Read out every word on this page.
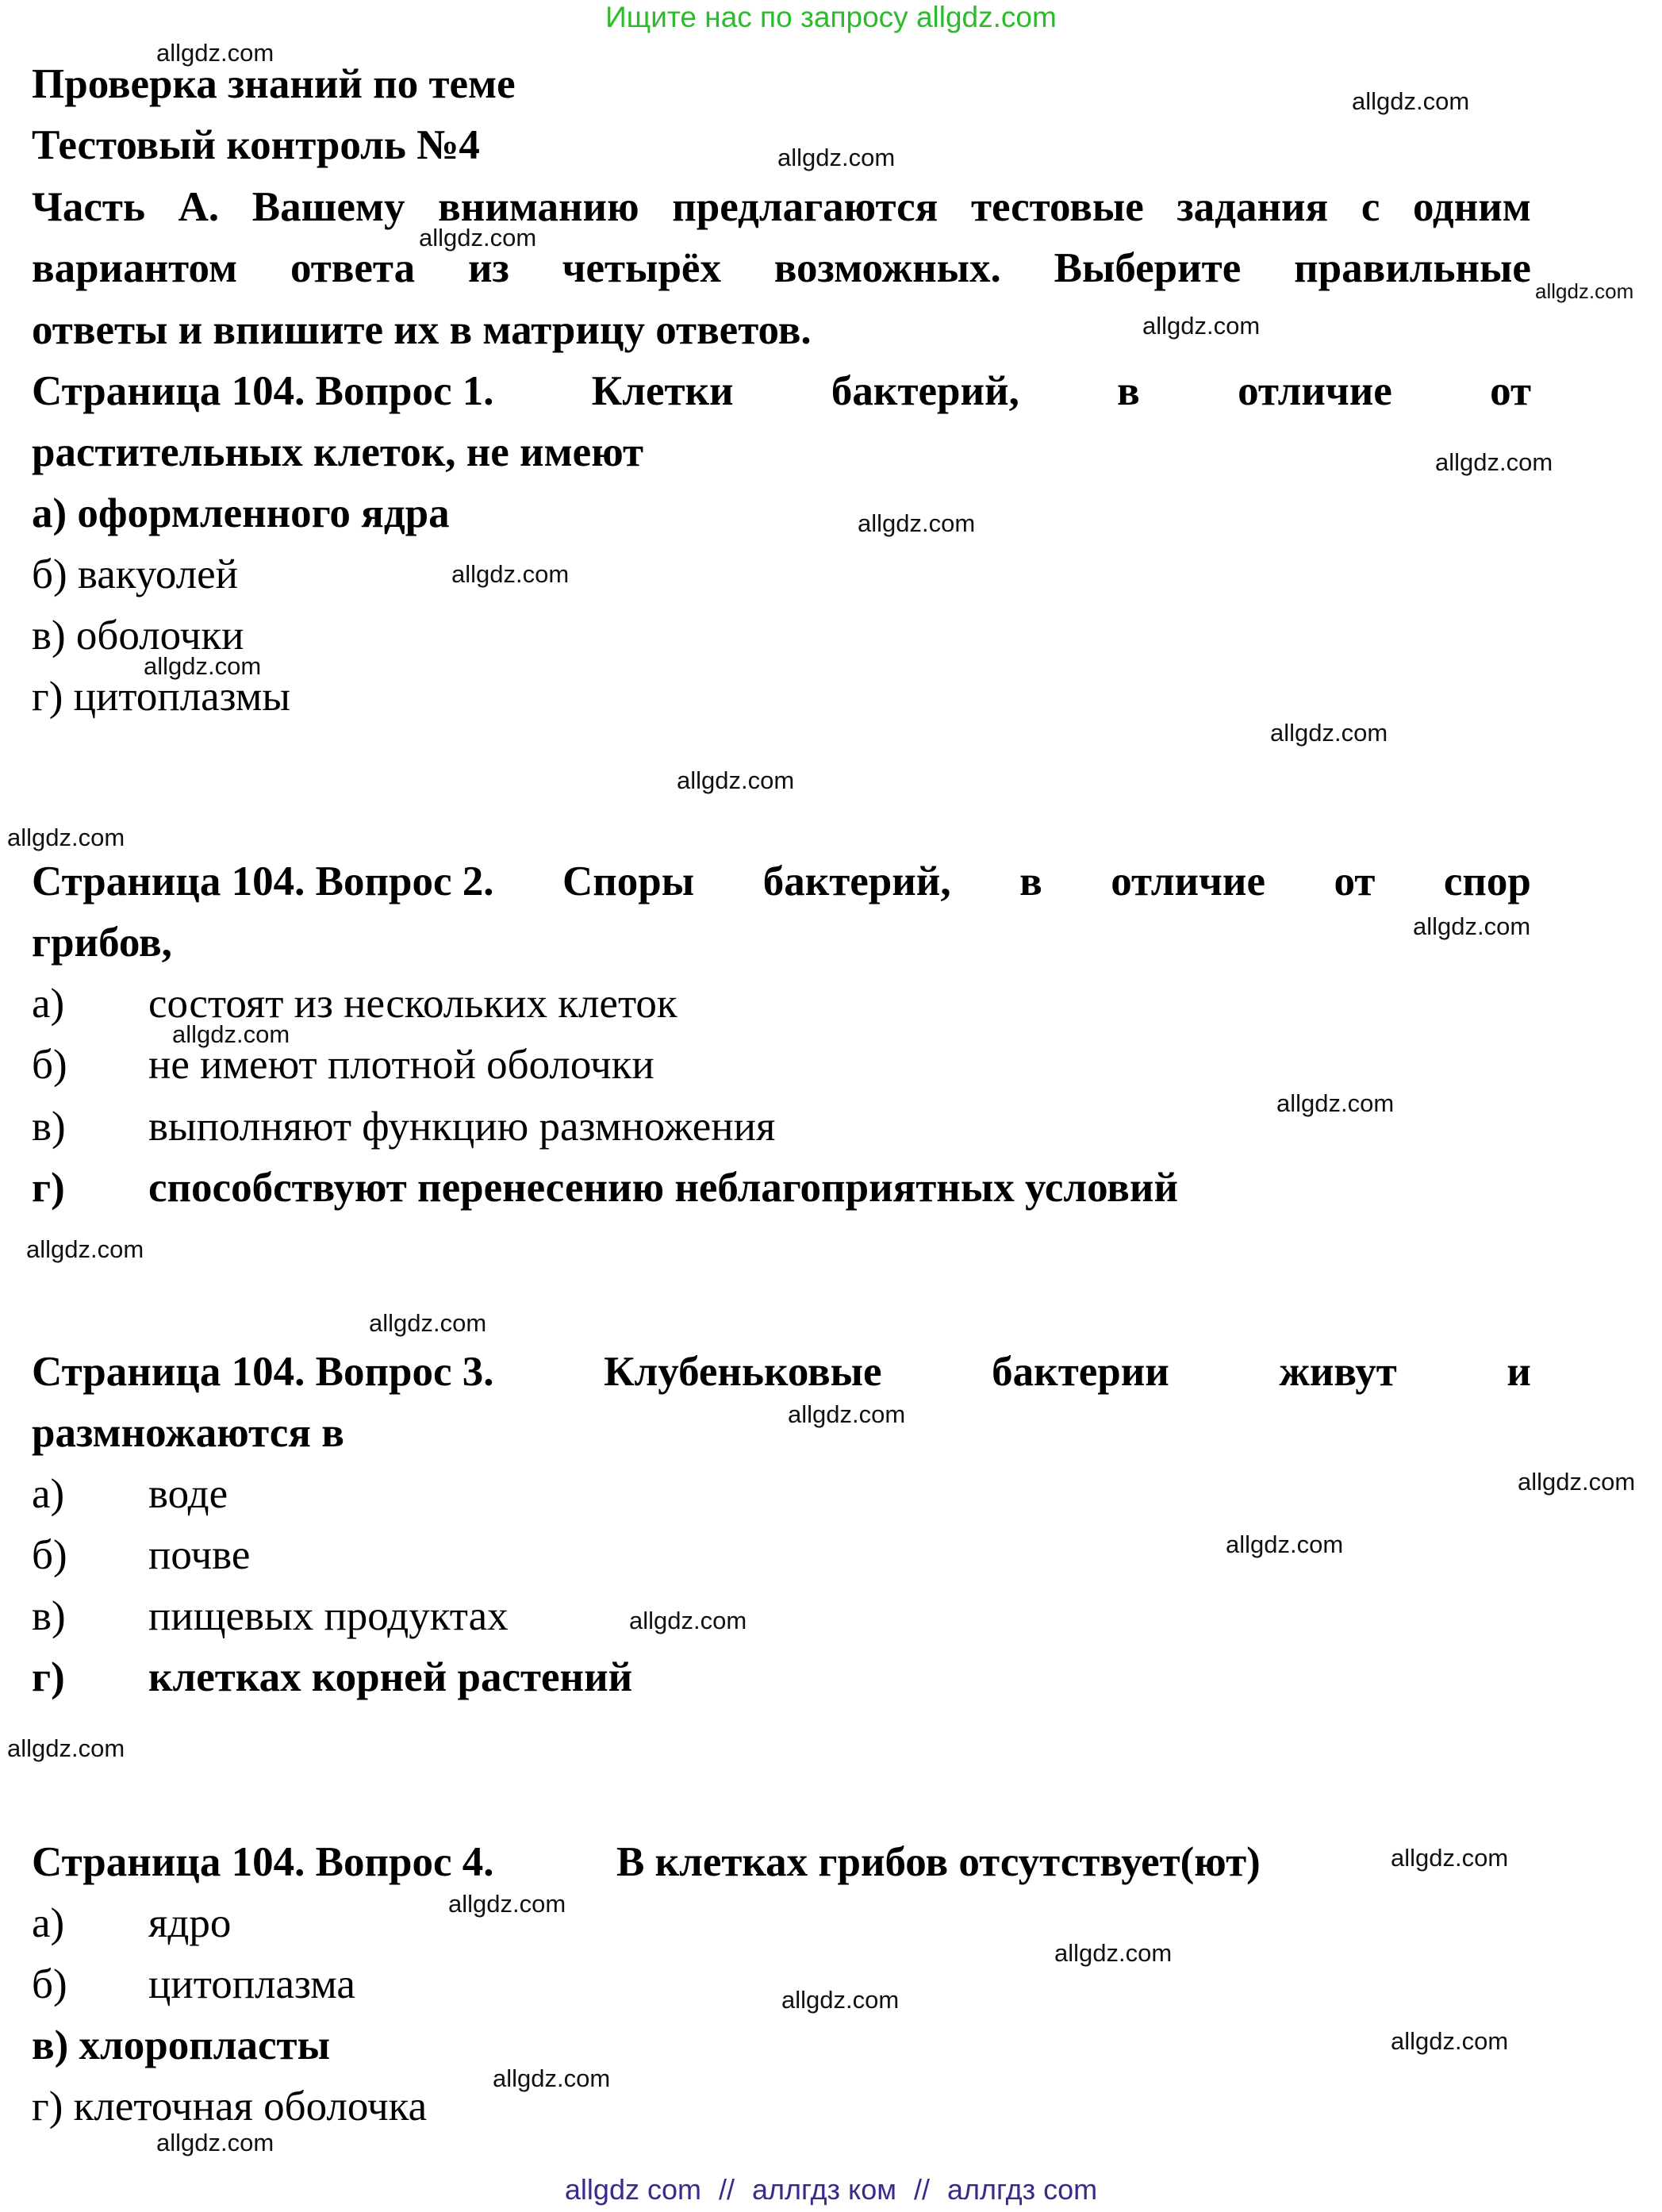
Ищите нас по запросу allgdz.com
Проверка знаний по теме
Тестовый контроль №4
Часть А. Вашему вниманию предлагаются тестовые задания с одним
вариантом ответа из четырёх возможных. Выберите правильные
ответы и впишите их в матрицу ответов.
Страница 104. Вопрос 1. Клетки бактерий, в отличие от
растительных клеток, не имеют
а) оформленного ядра
б) вакуолей
в) оболочки
г) цитоплазмы
Страница 104. Вопрос 2. Споры бактерий, в отличие от спор
грибов,
а) состоят из нескольких клеток
б) не имеют плотной оболочки
в) выполняют функцию размножения
г) способствуют перенесению неблагоприятных условий
Страница 104. Вопрос 3.	Клубеньковые	бактерии	живут	и
размножаются в
а) воде
б) почве
в) пищевых продуктах
г) клетках корней растений
Страница 104. Вопрос 4.	В клетках грибов отсутствует(ют)
а) ядро
б) цитоплазма
в) хлоропласты
г) клеточная оболочка
allgdz.com
allgdz.com
allgdz.com
allgdz.com
allgdz.com
allgdz.com
allgdz.com
allgdz.com
allgdz.com
allgdz.com
allgdz.com
allgdz.com
allgdz.com
allgdz.com
allgdz.com
allgdz.com
allgdz.com
allgdz.com
allgdz.com
allgdz.com
allgdz.com
allgdz.com
allgdz.com
allgdz.com
allgdz.com
allgdz.com
allgdz.com
allgdz.com
allgdz.com
allgdz.com
allgdz com // аллгдз ком // аллгдз com
